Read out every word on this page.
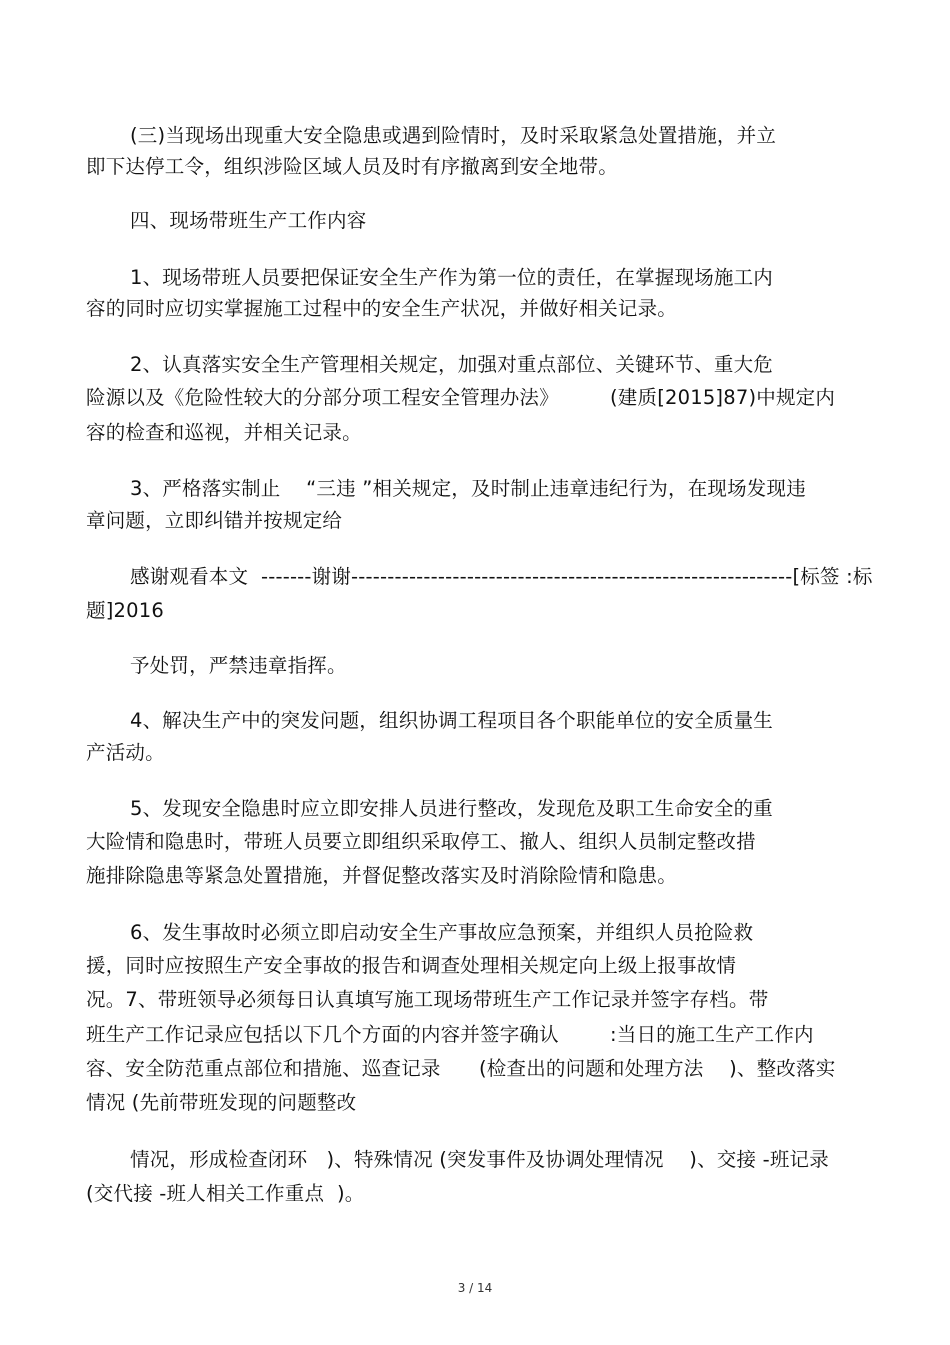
(三)当现场出现重大安全隐患或遇到险情时，及时采取紧急处置措施，并立
即下达停工令，组织涉险区域人员及时有序撤离到安全地带。
四、现场带班生产工作内容
1、现场带班人员要把保证安全生产作为第一位的责任，在掌握现场施工内
容的同时应切实掌握施工过程中的安全生产状况，并做好相关记录。
2、认真落实安全生产管理相关规定，加强对重点部位、关键环节、重大危
险源以及《危险性较大的分部分项工程安全管理办法》        (建质[2015]87)中规定内
容的检查和巡视，并相关记录。
3、严格落实制止    “三违 ”相关规定，及时制止违章违纪行为，在现场发现违
章问题，立即纠错并按规定给
感谢观看本文  -------谢谢-------------------------------------------------------------[标签 :标
题]2016
予处罚，严禁违章指挥。
4、解决生产中的突发问题，组织协调工程项目各个职能单位的安全质量生
产活动。
5、发现安全隐患时应立即安排人员进行整改，发现危及职工生命安全的重
大险情和隐患时，带班人员要立即组织采取停工、撤人、组织人员制定整改措
施排除隐患等紧急处置措施，并督促整改落实及时消除险情和隐患。
6、发生事故时必须立即启动安全生产事故应急预案，并组织人员抢险救
援，同时应按照生产安全事故的报告和调查处理相关规定向上级上报事故情
况。7、带班领导必须每日认真填写施工现场带班生产工作记录并签字存档。带
班生产工作记录应包括以下几个方面的内容并签字确认        :当日的施工生产工作内
容、安全防范重点部位和措施、巡查记录      (检查出的问题和处理方法    )、整改落实
情况 (先前带班发现的问题整改
情况，形成检查闭环   )、特殊情况 (突发事件及协调处理情况    )、交接 -班记录
(交代接 -班人相关工作重点  )。
3 / 14
